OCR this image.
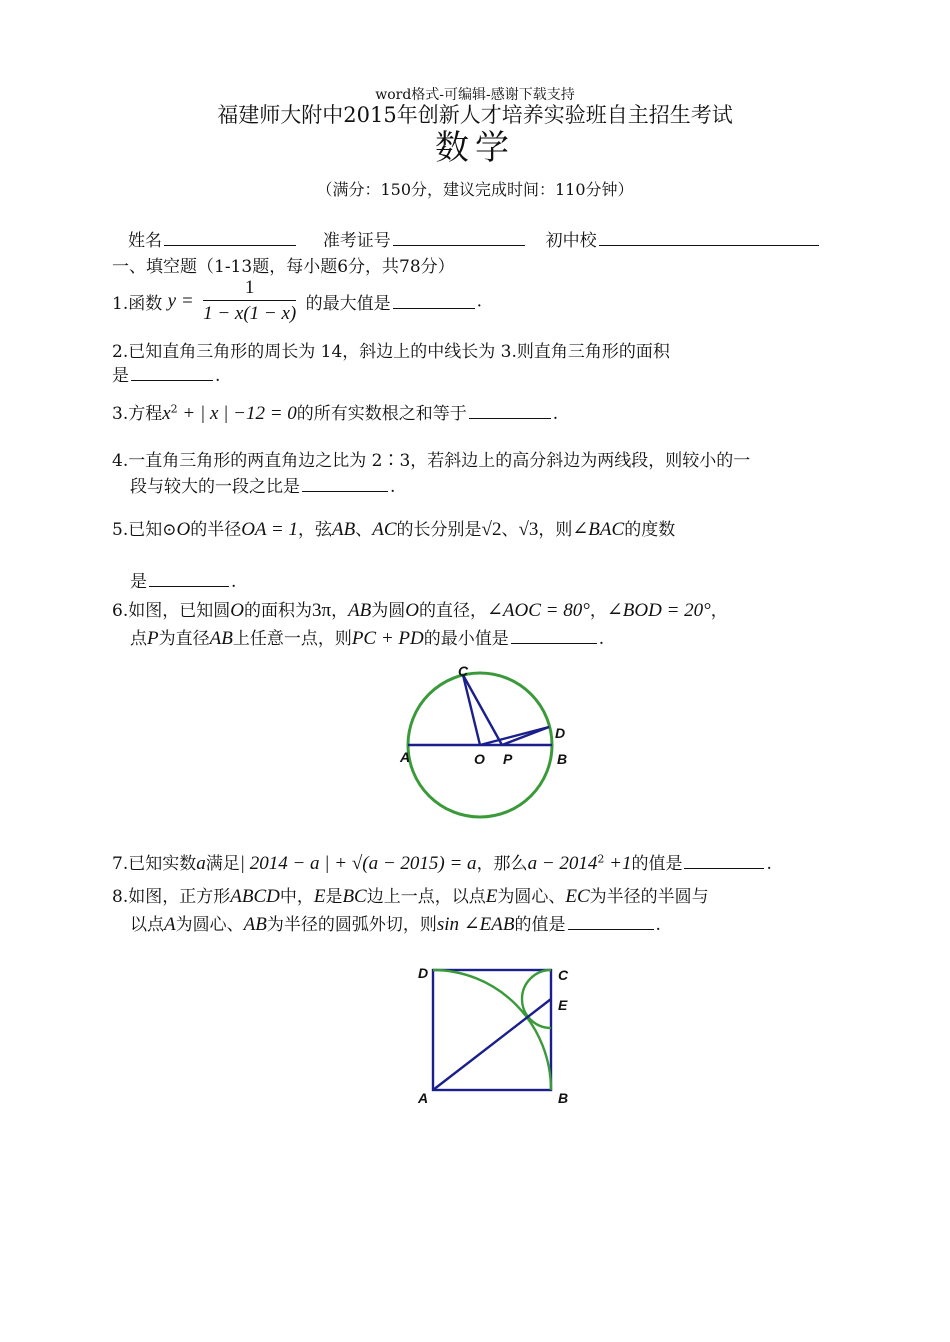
word格式-可编辑-感谢下载支持
福建师大附中2015年创新人才培养实验班自主招生考试
数学
（满分：150分，建议完成时间：110分钟）
姓名	准考证号	初中校
一、填空题（1-13题，每小题6分，共78分）
1.函数 $y = \frac{1}{1 - x(1 - x)}$ 的最大值是	.
2.已知直角三角形的周长为 14，斜边上的中线长为 3.则直角三角形的面积
是	.
3.方程$x^2$ + | x | −12 = 0的所有实数根之和等于	.
4.一直角三角形的两直角边之比为 2∶3，若斜边上的高分斜边为两线段，则较小的一
段与较大的一段之比是	.
5.已知⊙O的半径OA = 1，弦AB、AC的长分别是√2、√3，则∠BAC的度数
是	.
6.如图，已知圆O的面积为3π，AB为圆O的直径，∠AOC = 80°，∠BOD = 20°，
点P为直径AB上任意一点，则PC + PD的最小值是	.
C
D
A	O P	B
7.已知实数a满足| 2014 − a | + √(a − 2015) = a，那么$a - 2014^2 +1$的值是	.
8.如图，正方形ABCD中，E是BC边上一点，以点E为圆心、EC为半径的半圆与
以点A为圆心、AB为半径的圆弧外切，则sin ∠EAB的值是	.
D	C
E
A	B
